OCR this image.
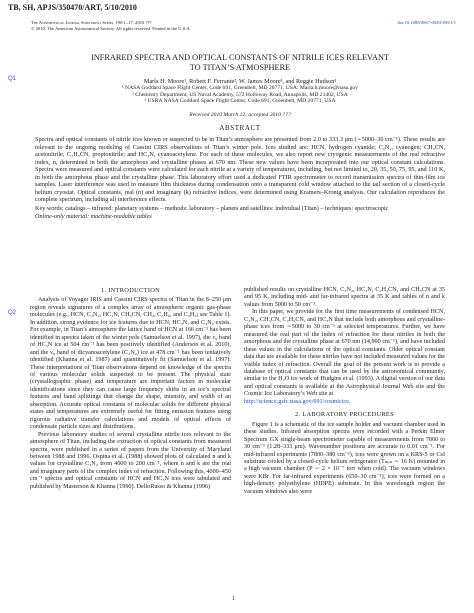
TB, SH, APJS/350470/ART, 5/10/2010
The Astrophysical Journal Supplement Series, 190:1–17, 2010 ???
© 2010. The American Astronomical Society. All rights reserved. Printed in the U.S.A.
doi:10.1088/0067-0049/190/1/1
Q1
Q2
INFRARED SPECTRA AND OPTICAL CONSTANTS OF NITRILE ICES RELEVANT
TO TITAN’S ATMOSPHERE
Marla H. Moore¹, Robert F. Ferrante², W. James Moore³, and Reggie Hudson¹
¹ NASA Goddard Space Flight Center, Code 691, Greenbelt, MD 20771, USA; Marla.h.moore@nasa.gov
² Chemistry Department, US Naval Academy, 572 Holloway Road, Annapolis, MD 21402, USA
³ USRA NASA Goddard Space Flight Center, Code 691, Greenbelt, MD 20771, USA
Received 2010 March 12; accepted 2010 ???
ABSTRACT

Spectra and optical constants of nitrile ices known or suspected to be in Titan’s atmosphere are presented from 2.0 to 333.3 μm (∼5000–30 cm⁻¹). These results are relevant to the ongoing modeling of Cassini CIRS observations of Titan’s winter pole. Ices studied are: HCN, hydrogen cyanide; C₂N₂, cyanogen; CH₃CN, acetonitrile; C₂H₅CN, propionitrile; and HC₃N, cyanoacetylene. For each of these molecules, we also report new cryogenic measurements of the real refractive index, n, determined in both the amorphous and crystalline phases at 670 nm. These new values have been incorporated into our optical constant calculations. Spectra were measured and optical constants were calculated for each nitrile at a variety of temperatures, including, but not limited to, 20, 35, 50, 75, 95, and 110 K, in both the amorphous phase and the crystalline phase. This laboratory effort used a dedicated FTIR spectrometer to record transmission spectra of thin-film ice samples. Laser interference was used to measure film thickness during condensation onto a transparent cold window attached to the tail section of a closed-cycle helium cryostat. Optical constants, real (n) and imaginary (k) refractive indices, were determined using Kramers–Kronig analysis. Our calculation reproduces the complete spectrum, including all interference effects.

Key words: catalogs – infrared: planetary systems – methods: laboratory – planets and satellites: individual (Titan) – techniques: spectroscopic

Online-only material: machine-readable tables

1. INTRODUCTION

Analysis of Voyager IRIS and Cassini CIRS spectra of Titan in the 8–250 μm region reveals signatures of a complex array of atmospheric organic gas-phase molecules (e.g., HCN, C₂N₂, HC₃N, CH₃CN, CH₄, C₂H₆, and C₄H₂; see Table 1). In addition, strong evidence for ice features due to HCN, HC₃N, and C₄N₂ exists. For example, in Titan’s atmosphere the lattice band of HCN at 166 cm⁻¹ has been identified in spectra taken of the winter pole (Samuelson et al. 1997), the ν₆ band of HC₃N ice at 504 cm⁻¹ has been positively identified (Anderson et al. 2010), and the ν₈ band of dicyanoacetylene (C₄N₂) ice at 478 cm⁻¹ has been tentatively identified (Khanna et al. 1987) and quantitatively fit (Samuelson et al. 1997). These interpretations of Titan observations depend on knowledge of the spectra of various molecular solids suspected to be present. The physical state (crystallographic phase) and temperature are important factors in molecular identifications since they can cause large frequency shifts in an ice’s spectral features and band splittings that change the shape, intensity, and width of an absorption. Accurate optical constants of molecular solids for different physical states and temperatures are extremely useful for fitting emission features using rigorous radiative transfer calculations and models of optical effects of condensate particle sizes and distributions.

Previous laboratory studies of several crystalline nitrile ices relevant to the atmosphere of Titan, including the extraction of optical constants from measured spectra, were published in a series of papers from the University of Maryland between 1988 and 1996. Ospina et al. (1988) showed plots of calculated n and k values for crystalline C₄N₂ from 4000 to 200 cm⁻¹, where n and k are the real and imaginary parts of the complex index of refraction. Following this, 4000–450 cm⁻¹ spectra and optical constants of HCN and HC₃N ices were tabulated and published by Masterson & Khanna (1990). DelloRusso & Khanna (1996)

published results on crystalline HCN, C₂N₂, HC₃N, C₂H₅CN, and CH₃CN at 35 and 95 K, including mid- and far-infrared spectra at 35 K and tables of n and k values from 5000 to 50 cm⁻¹.

In this paper, we provide for the first time measurements of condensed HCN, C₂N₂, CH₃CN, C₂H₅CN, and HC₃N that include both amorphous and crystalline-phase ices from ∼5000 to 30 cm⁻¹ at selected temperatures. Further, we have measured the real part of the index of refraction for these nitriles in both the amorphous and the crystalline phase at 670 nm (14,900 cm⁻¹), and have included these values in the calculations of the optical constants. Older optical constant data that are available for these nitriles have not included measured values for the visible index of refraction. Overall the goal of the present work is to provide a database of optical constants that can be used by the astronomical community, similar to the H₂O ice work of Hudgins et al. (1993). A digital version of our data and optical constants is available at the Astrophysical Journal Web site and the Cosmic Ice Laboratory’s Web site at

http://science.gsfc.nasa.gov/691/cosmicice.

2. LABORATORY PROCEDURES

Figure 1 is a schematic of the ice sample holder and vacuum chamber used in these studies. Infrared absorption spectra were recorded with a Perkin Elmer Spectrum GX single-beam spectrometer capable of measurements from 7800 to 30 cm⁻¹ (1.28–333 μm). Wavenumber positions are accurate to 0.01 cm⁻¹. For mid-infrared experiments (7800–380 cm⁻¹), ices were grown on a KRS-5 or CsI substrate cooled by a closed-cycle helium refrigerator (Tₘᵢₙ ∼ 16 K) mounted in a high vacuum chamber (P ∼ 2 × 10⁻⁷ torr when cold). The vacuum windows were KBr. For far-infrared experiments (650–30 cm⁻¹), ices were formed on a high-density polyethylene (HDPE) substrate. In this wavelength region the vacuum windows also were

1
